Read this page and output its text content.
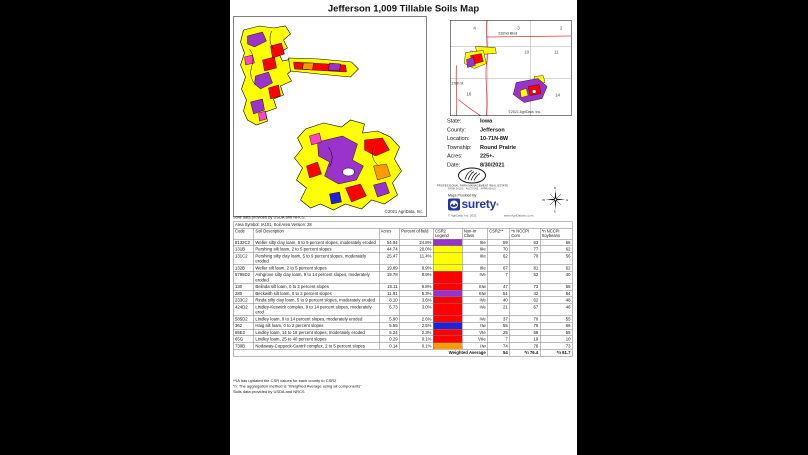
Jefferson 1,009 Tillable Soils Map
©2021 AgriData, Inc.
4	3	2
10	11
16	14
232nd Blvd
278th St
©2021 AgriData, Inc.
State: Iowa
County: Jefferson
Location: 10-71N-8W
Township: Round Prairie
Acres: 225+-
Date: 8/30/2021
PROFESSIONAL FARM MANAGEMENT REAL ESTATE
FARM SALES · AUCTIONS · APPRAISALS
Maps Provided By
surety ®
© AgriData, Inc. 2021	www.AgriDataInc.com
N
S
W	E
Soils data provided by USDA and NRCS.
Area Symbol: IA101, Soil Area Version: 28								
Code	Soil Description	Acres	Percent of field	CSR2 Legend	Non-Irr Class	CSR2**	*n NCCPI Corn	*n NCCPI Soybeans
8132C2	Weller silty clay loam, 5 to 9 percent slopes, moderately eroded	54.94	24.8%		IIIe	59	63	66
131B	Pershing silt loam, 2 to 5 percent slopes	44.74	20.0%		IIIe	70	77	62
131C2	Pershing silty clay loam, 5 to 9 percent slopes, moderately eroded	25.47	11.4%		IIIe	62	70	56
132B	Weller silt loam, 2 to 5 percent slopes	19.89	8.9%		IIIe	67	81	62
5795D2	Ashgrove silty clay loam, 9 to 14 percent slopes, moderately eroded	19.78	8.9%		IVe	7	52	40
130	Belinda silt loam, 0 to 2 percent slopes	15.11	6.8%		IIIw	47	73	56
280	Beckwith silt loam, 0 to 2 percent slopes	11.91	5.3%		IIIw	51	42	64
233C2	Rinda silty clay loam, 5 to 9 percent slopes, moderately eroded	8.10	3.6%		IVe	40	62	48
424D2	Lindley-Keswick complex, 9 to 14 percent slopes, moderately erod	6.73	3.0%		IVe	21	67	46
585D2	Lindley loam, 9 to 14 percent slopes, moderately eroded	5.90	2.6%		IVe	37	70	55
362	Haig silt loam, 0 to 2 percent slopes	5.55	2.5%		IIw	55	76	66
65E2	Lindley loam, 14 to 18 percent slopes, moderately eroded	5.24	2.3%		VIe	25	58	55
65G	Lindley loam, 25 to 40 percent slopes	0.29	0.1%		VIIe	7	19	10
730B	Nodaway-Coppock-Cantril complex, 2 to 5 percent slopes	0.14	0.1%		IIw	74	78	73
Weighted Average						54	*n 76.4	*n 61.7
**IA has updated the CSR values for each county to CSR2
*n: The aggregation method is "Weighted Average using all components"
Soils data provided by USDA and NRCS
